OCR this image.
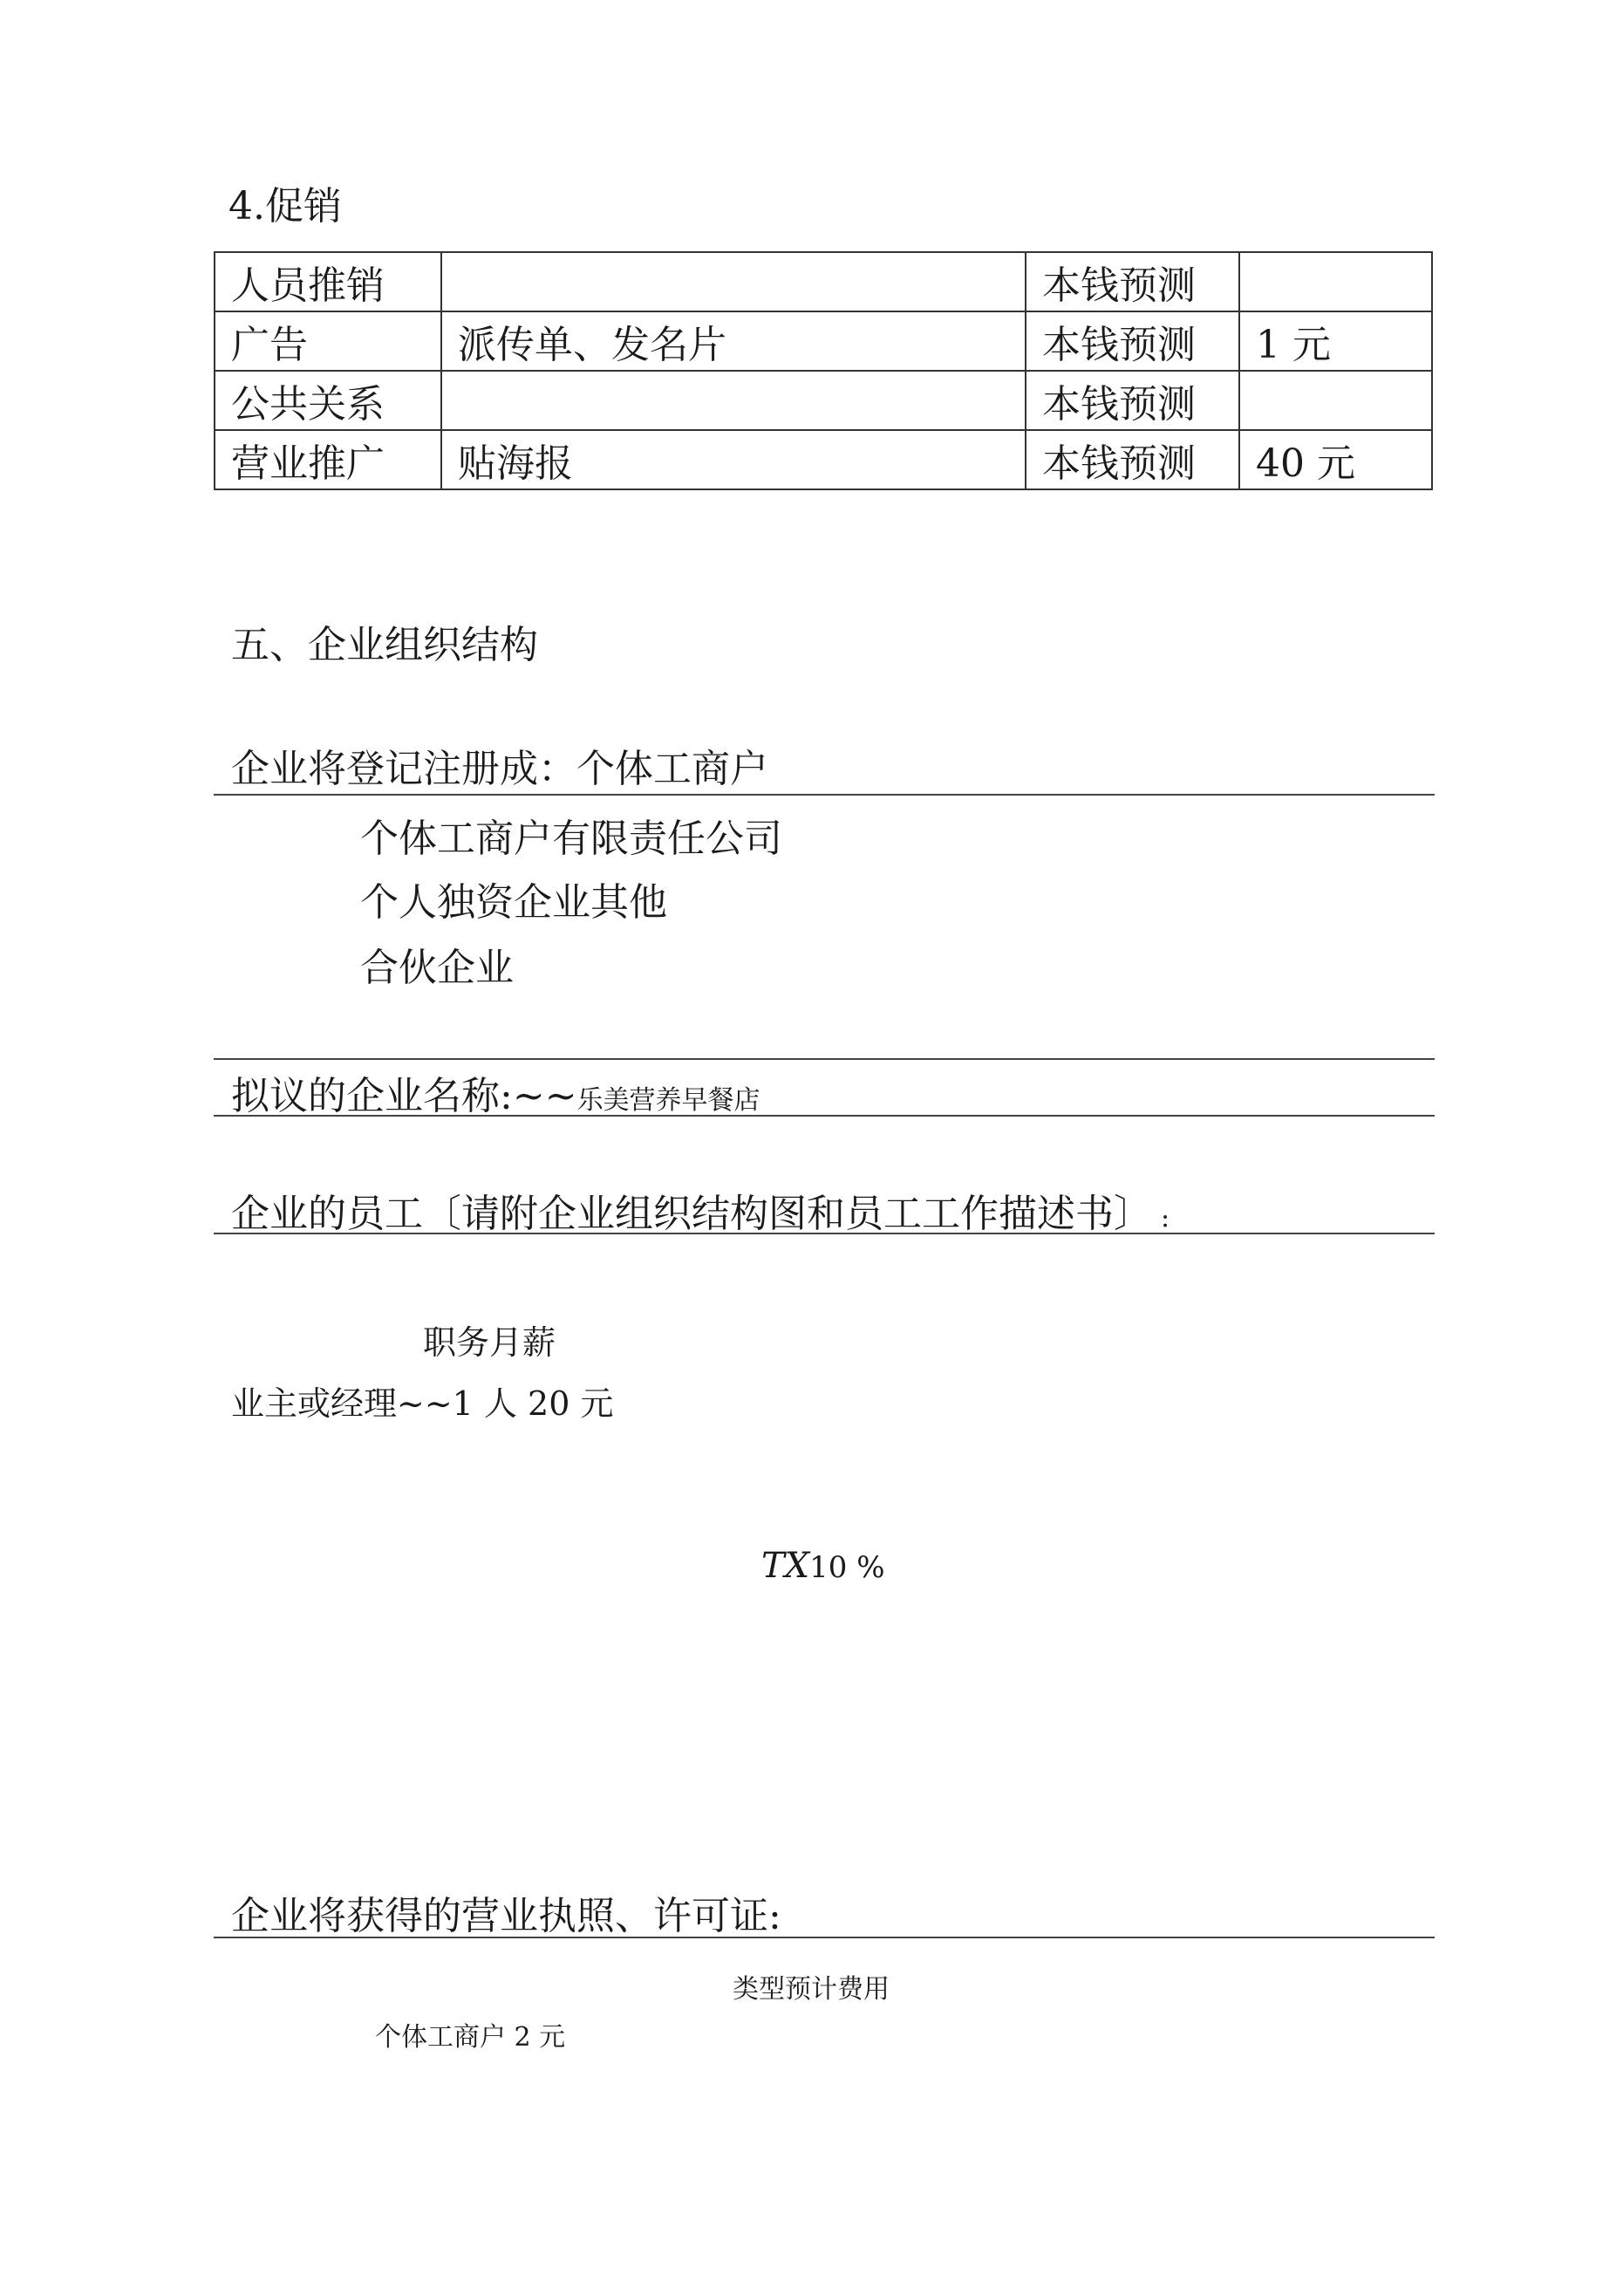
4.促销
人员推销		本钱预测	
广告	派传单、发名片	本钱预测	1 元
公共关系		本钱预测	
营业推广	贴海报	本钱预测	40 元
五、企业组织结构
企业将登记注册成：个体工商户
个体工商户有限责任公司
个人独资企业其他
合伙企业
拟议的企业名称:~~乐美营养早餐店
企业的员工〔请附企业组织结构图和员工工作描述书〕 :
职务月薪
业主或经理~~1 人 20 元
TX10 %
企业将获得的营业执照、许可证:
类型预计费用
个体工商户 2 元
